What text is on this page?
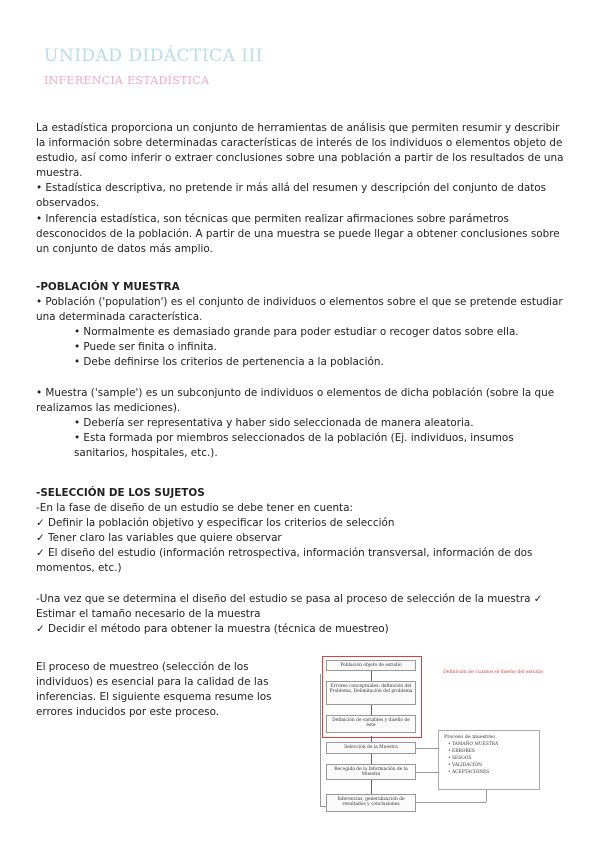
UNIDAD DIDÁCTICA III
INFERENCIA ESTADÍSTICA

La estadística proporciona un conjunto de herramientas de análisis que permiten resumir y describir la información sobre determinadas características de interés de los individuos o elementos objeto de estudio, así como inferir o extraer conclusiones sobre una población a partir de los resultados de una muestra.

• Estadística descriptiva, no pretende ir más allá del resumen y descripción del conjunto de datos observados.

• Inferencia estadística, son técnicas que permiten realizar afirmaciones sobre parámetros desconocidos de la población. A partir de una muestra se puede llegar a obtener conclusiones sobre un conjunto de datos más amplio.

-POBLACIÓN Y MUESTRA

• Población ('population') es el conjunto de individuos o elementos sobre el que se pretende estudiar una determinada característica.

• Normalmente es demasiado grande para poder estudiar o recoger datos sobre ella.

• Puede ser finita o infinita.

• Debe definirse los criterios de pertenencia a la población.

• Muestra ('sample') es un subconjunto de individuos o elementos de dicha población (sobre la que realizamos las mediciones).

• Debería ser representativa y haber sido seleccionada de manera aleatoria.

• Esta formada por miembros seleccionados de la población (Ej. individuos, insumos sanitarios, hospitales, etc.).

-SELECCIÓN DE LOS SUJETOS

-En la fase de diseño de un estudio se debe tener en cuenta:

✓ Definir la población objetivo y especificar los criterios de selección

✓ Tener claro las variables que quiere observar

✓ El diseño del estudio (información retrospectiva, información transversal, información de dos momentos, etc.)

-Una vez que se determina el diseño del estudio se pasa al proceso de selección de la muestra ✓ Estimar el tamaño necesario de la muestra

✓ Decidir el método para obtener la muestra (técnica de muestreo)

El proceso de muestreo (selección de los individuos) es esencial para la calidad de las inferencias. El siguiente esquema resume los errores inducidos por este proceso.

Población objeto de estudio
Errores conceptuales: definición del Problema, Delimitación del problema
Definición de variables y diseño de éste
Selección de la Muestra
Recogida de la Información de la Muestra
Inferencias, generalización de resultados y conclusiones
Definición de cuantos el diseño del estudio
Proceso de muestreo
• TAMAÑO MUESTRA
• ERRORES
• SESGOS
• VALIDACIÓN
• ACEPTACIONES
